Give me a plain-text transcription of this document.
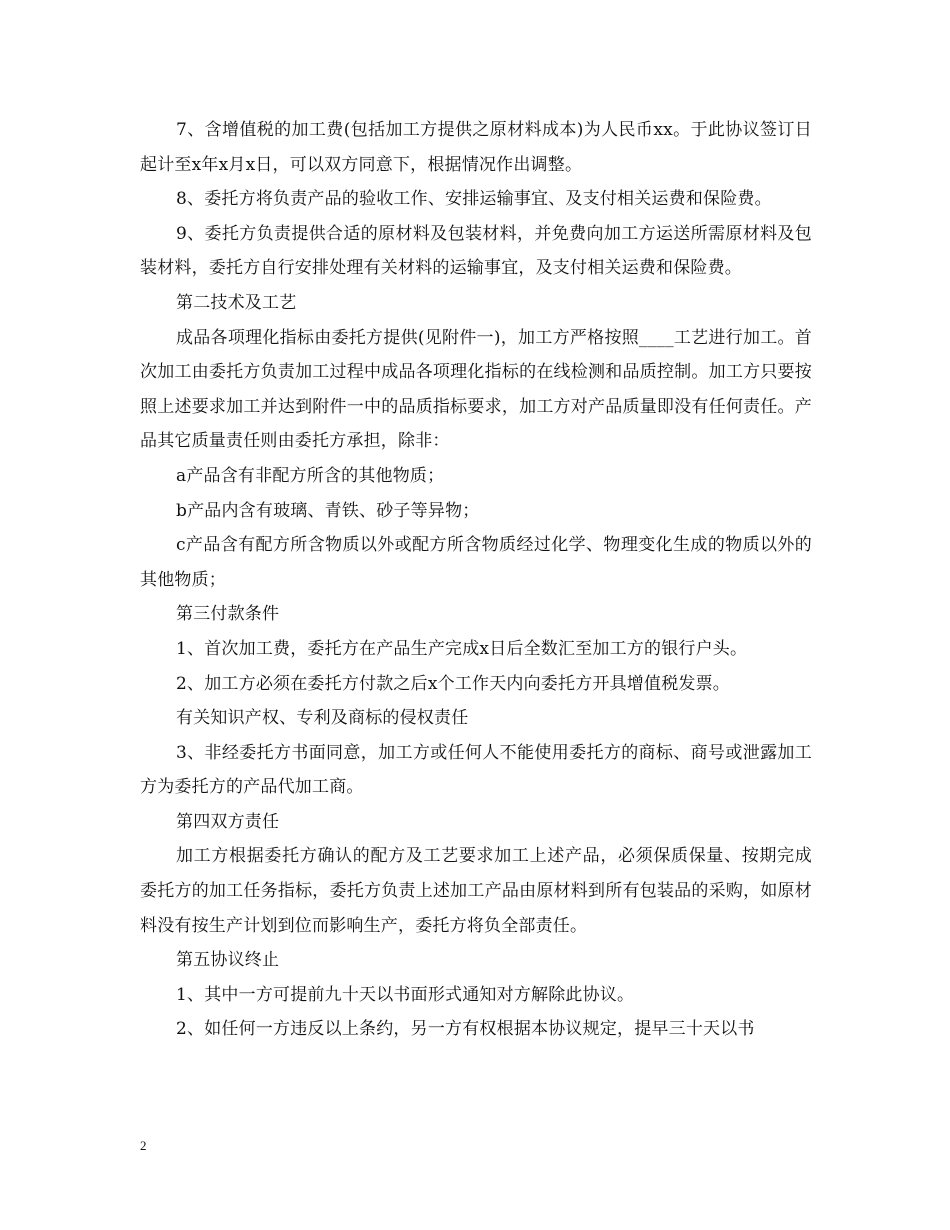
7、含增值税的加工费(包括加工方提供之原材料成本)为人民币xx。于此协议签订日起计至x年x月x日，可以双方同意下，根据情况作出调整。

8、委托方将负责产品的验收工作、安排运输事宜、及支付相关运费和保险费。

9、委托方负责提供合适的原材料及包装材料，并免费向加工方运送所需原材料及包装材料，委托方自行安排处理有关材料的运输事宜，及支付相关运费和保险费。

第二技术及工艺

成品各项理化指标由委托方提供(见附件一)，加工方严格按照____工艺进行加工。首次加工由委托方负责加工过程中成品各项理化指标的在线检测和品质控制。加工方只要按照上述要求加工并达到附件一中的品质指标要求，加工方对产品质量即没有任何责任。产品其它质量责任则由委托方承担，除非：

a产品含有非配方所含的其他物质；

b产品内含有玻璃、青铁、砂子等异物；

c产品含有配方所含物质以外或配方所含物质经过化学、物理变化生成的物质以外的其他物质；

第三付款条件

1、首次加工费，委托方在产品生产完成x日后全数汇至加工方的银行户头。

2、加工方必须在委托方付款之后x个工作天内向委托方开具增值税发票。

有关知识产权、专利及商标的侵权责任

3、非经委托方书面同意，加工方或任何人不能使用委托方的商标、商号或泄露加工方为委托方的产品代加工商。

第四双方责任

加工方根据委托方确认的配方及工艺要求加工上述产品，必须保质保量、按期完成委托方的加工任务指标，委托方负责上述加工产品由原材料到所有包装品的采购，如原材料没有按生产计划到位而影响生产，委托方将负全部责任。

第五协议终止

1、其中一方可提前九十天以书面形式通知对方解除此协议。

2、如任何一方违反以上条约，另一方有权根据本协议规定，提早三十天以书

2
